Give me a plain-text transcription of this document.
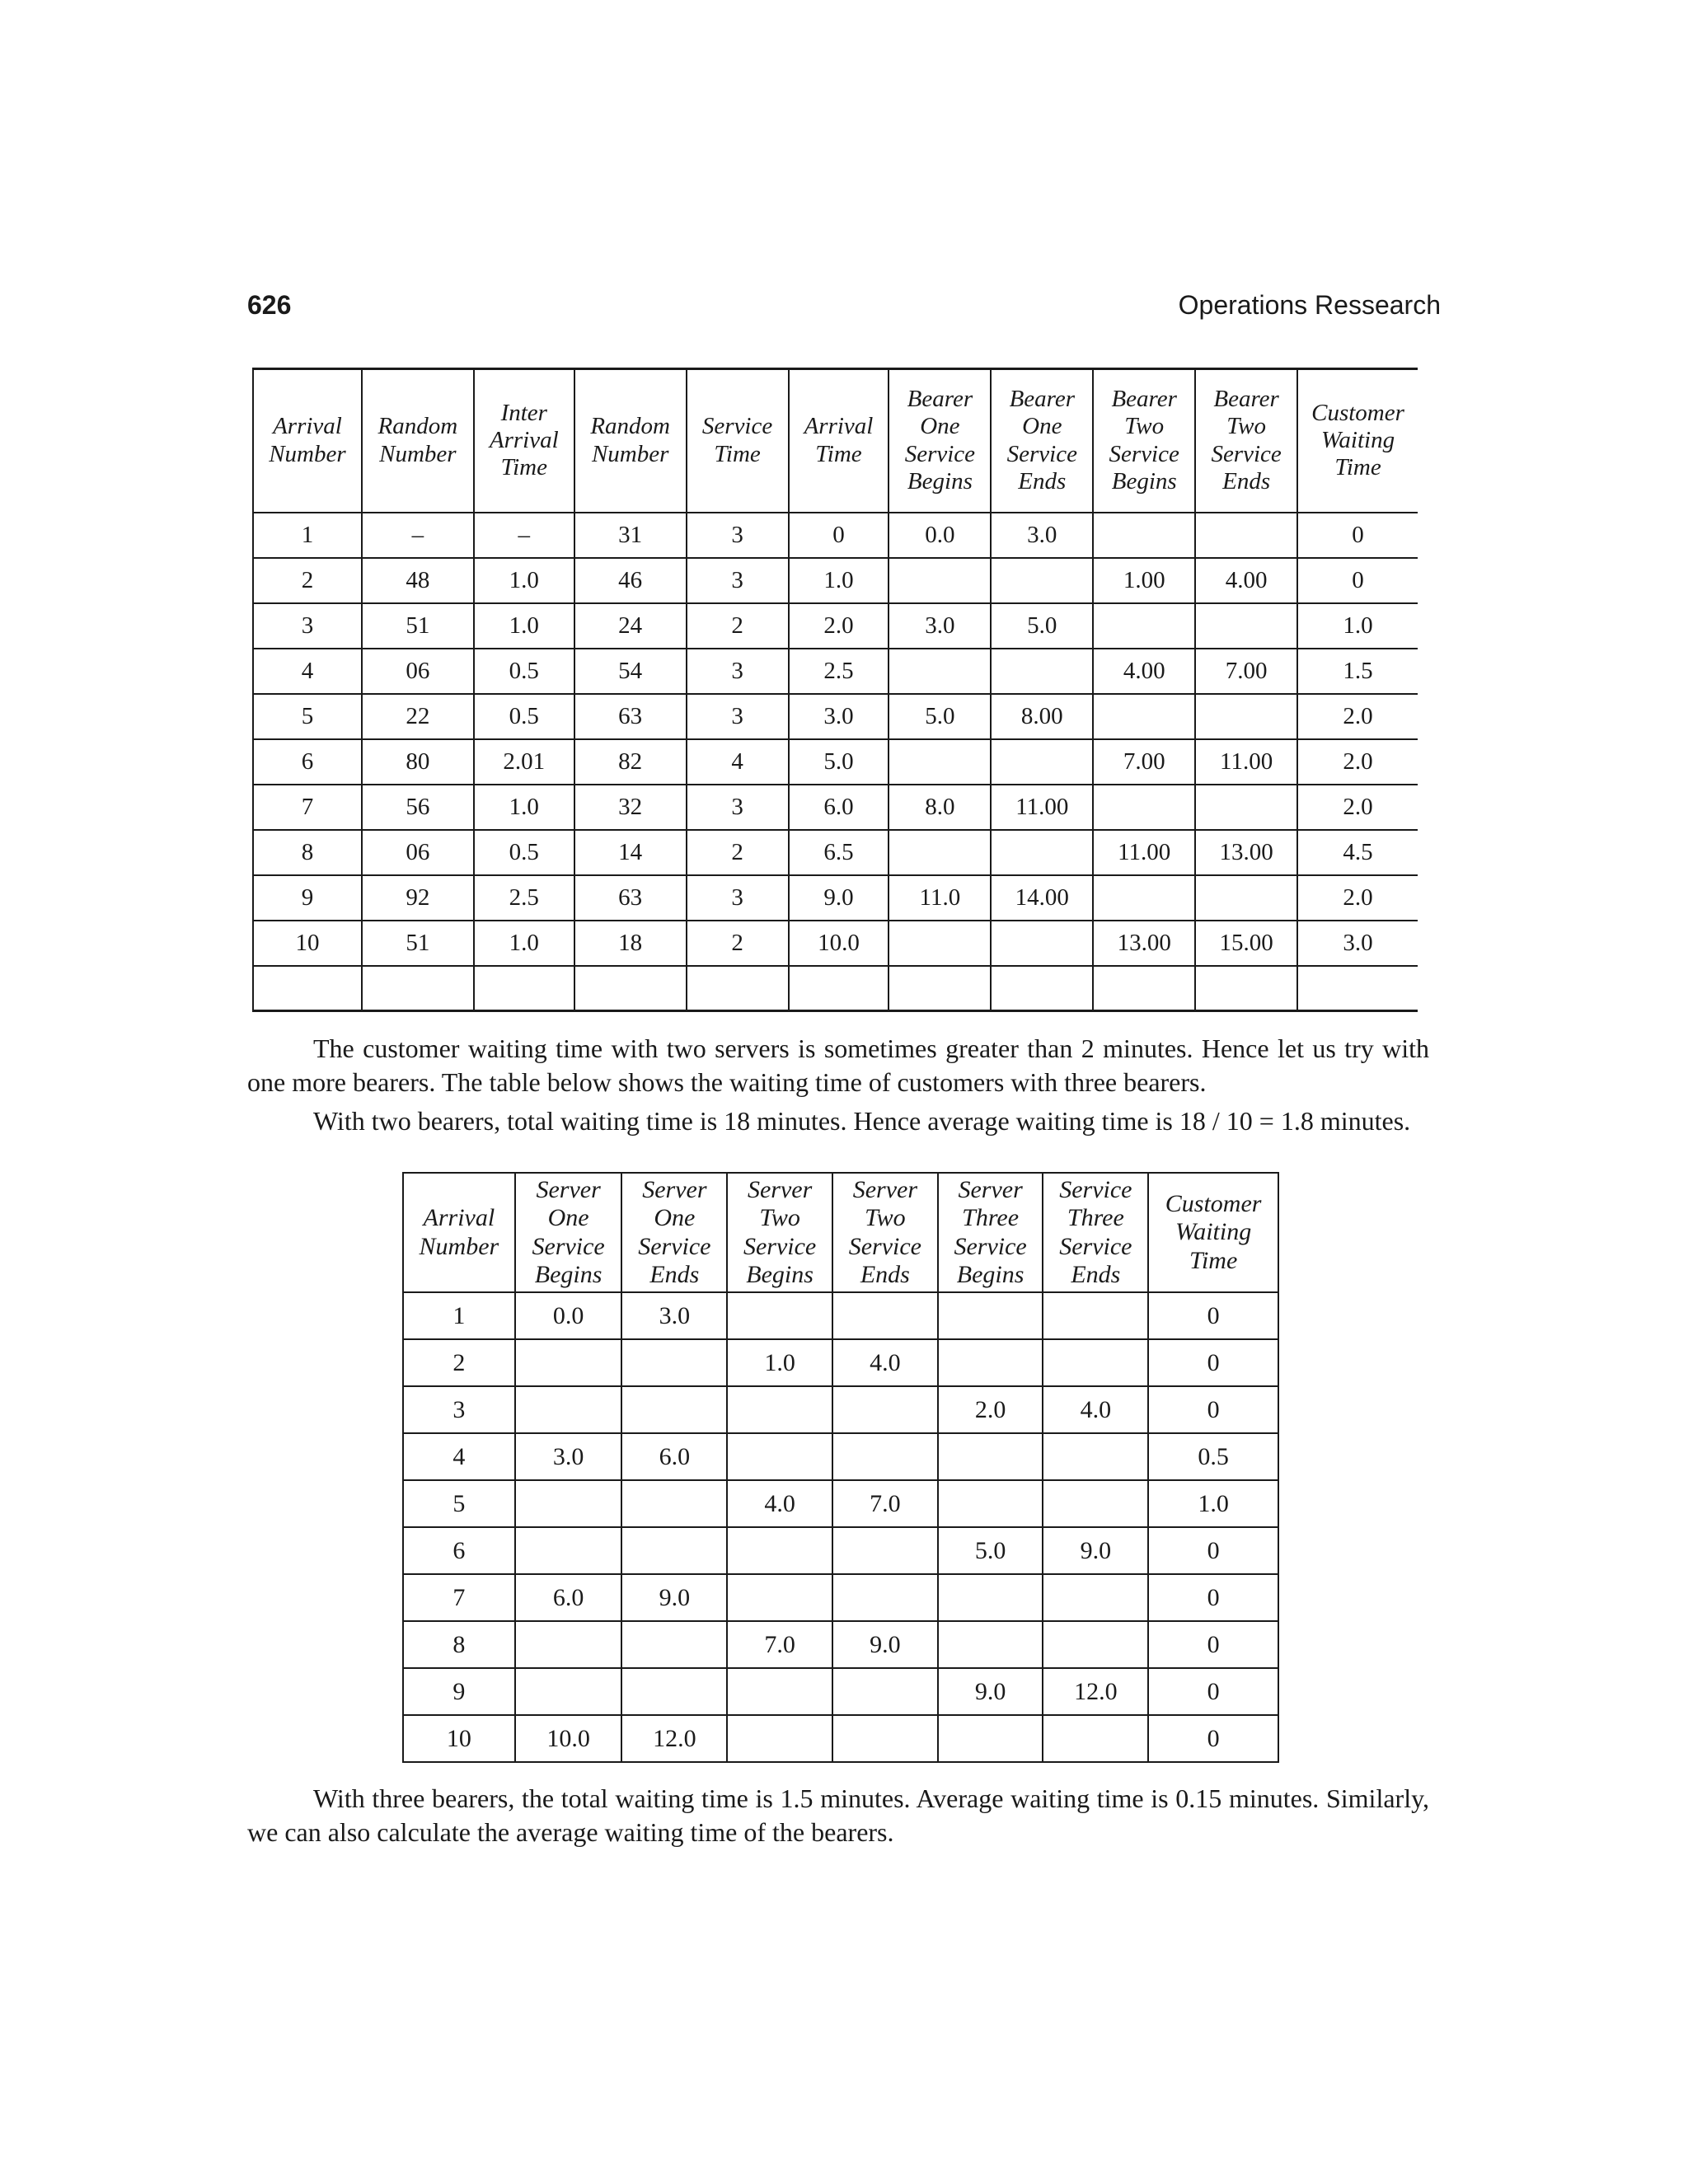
626	Operations Ressearch
Arrival Number	Random Number	Inter Arrival Time	Random Number	Service Time	Arrival Time	Bearer One Service Begins	Bearer One Service Ends	Bearer Two Service Begins	Bearer Two Service Ends	Customer Waiting Time
1	–	–	31	3	0	0.0	3.0			0
2	48	1.0	46	3	1.0			1.00	4.00	0
3	51	1.0	24	2	2.0	3.0	5.0			1.0
4	06	0.5	54	3	2.5			4.00	7.00	1.5
5	22	0.5	63	3	3.0	5.0	8.00			2.0
6	80	2.01	82	4	5.0			7.00	11.00	2.0
7	56	1.0	32	3	6.0	8.0	11.00			2.0
8	06	0.5	14	2	6.5			11.00	13.00	4.5
9	92	2.5	63	3	9.0	11.0	14.00			2.0
10	51	1.0	18	2	10.0			13.00	15.00	3.0

The customer waiting time with two servers is sometimes greater than 2 minutes. Hence let us try with one more bearers. The table below shows the waiting time of customers with three bearers.

With two bearers, total waiting time is 18 minutes. Hence average waiting time is 18 / 10 = 1.8 minutes.

Arrival Number	Server One Service Begins	Server One Service Ends	Server Two Service Begins	Server Two Service Ends	Server Three Service Begins	Service Three Service Ends	Customer Waiting Time
1	0.0	3.0					0
2			1.0	4.0			0
3					2.0	4.0	0
4	3.0	6.0					0.5
5			4.0	7.0			1.0
6					5.0	9.0	0
7	6.0	9.0					0
8			7.0	9.0			0
9					9.0	12.0	0
10	10.0	12.0					0

With three bearers, the total waiting time is 1.5 minutes. Average waiting time is 0.15 minutes. Similarly, we can also calculate the average waiting time of the bearers.
